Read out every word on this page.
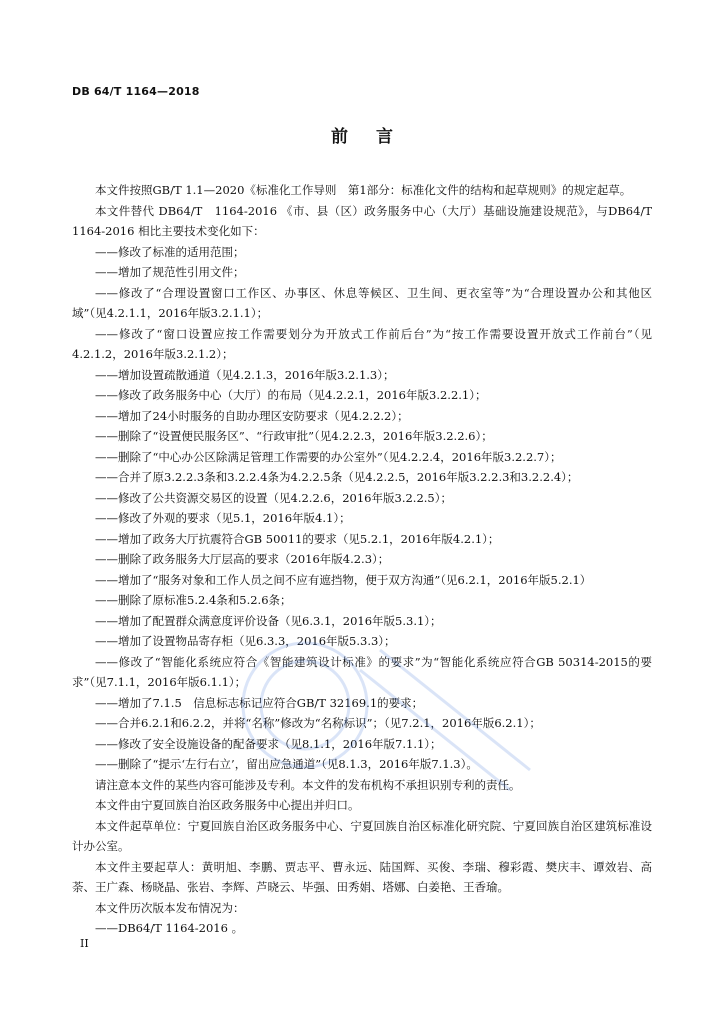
DB 64/T 1164—2018
前言

本文件按照GB/T 1.1—2020《标准化工作导则　第1部分：标准化文件的结构和起草规则》的规定起草。

本文件替代 DB64/T　1164-2016 《市、县（区）政务服务中心（大厅）基础设施建设规范》，与DB64/T 1164-2016 相比主要技术变化如下：

——修改了标准的适用范围；

——增加了规范性引用文件；

——修改了“合理设置窗口工作区、办事区、休息等候区、卫生间、更衣室等”为“合理设置办公和其他区域”（见4.2.1.1，2016年版3.2.1.1）；

——修改了“窗口设置应按工作需要划分为开放式工作前后台”为“按工作需要设置开放式工作前台”（见4.2.1.2，2016年版3.2.1.2）；

——增加设置疏散通道（见4.2.1.3，2016年版3.2.1.3）；

——修改了政务服务中心（大厅）的布局（见4.2.2.1，2016年版3.2.2.1）；

——增加了24小时服务的自助办理区安防要求（见4.2.2.2）；

——删除了“设置便民服务区”、“行政审批”（见4.2.2.3，2016年版3.2.2.6）；

——删除了“中心办公区除满足管理工作需要的办公室外”（见4.2.2.4，2016年版3.2.2.7）；

——合并了原3.2.2.3条和3.2.2.4条为4.2.2.5条（见4.2.2.5，2016年版3.2.2.3和3.2.2.4）；

——修改了公共资源交易区的设置（见4.2.2.6，2016年版3.2.2.5）；

——修改了外观的要求（见5.1，2016年版4.1）；

——增加了政务大厅抗震符合GB 50011的要求（见5.2.1，2016年版4.2.1）；

——删除了政务服务大厅层高的要求（2016年版4.2.3）；

——增加了“服务对象和工作人员之间不应有遮挡物，便于双方沟通”（见6.2.1，2016年版5.2.1）

——删除了原标准5.2.4条和5.2.6条；

——增加了配置群众满意度评价设备（见6.3.1，2016年版5.3.1）；

——增加了设置物品寄存柜（见6.3.3，2016年版5.3.3）；

——修改了“智能化系统应符合《智能建筑设计标准》的要求”为“智能化系统应符合GB 50314-2015的要求”（见7.1.1，2016年版6.1.1）；

——增加了7.1.5　信息标志标记应符合GB/T 32169.1的要求；

——合并6.2.1和6.2.2，并将“名称”修改为“名称标识”；（见7.2.1，2016年版6.2.1）；

——修改了安全设施设备的配备要求（见8.1.1，2016年版7.1.1）；

——删除了“提示‘左行右立’，留出应急通道”（见8.1.3，2016年版7.1.3）。

请注意本文件的某些内容可能涉及专利。本文件的发布机构不承担识别专利的责任。

本文件由宁夏回族自治区政务服务中心提出并归口。

本文件起草单位：宁夏回族自治区政务服务中心、宁夏回族自治区标准化研究院、宁夏回族自治区建筑标准设计办公室。

本文件主要起草人：黄明旭、李鹏、贾志平、曹永远、陆国辉、买俊、李瑞、穆彩霞、樊庆丰、谭效岩、高荼、王广森、杨晓晶、张岩、李辉、芦晓云、毕强、田秀娟、塔娜、白姜艳、王香瑜。

本文件历次版本发布情况为：

——DB64/T 1164-2016 。

II
